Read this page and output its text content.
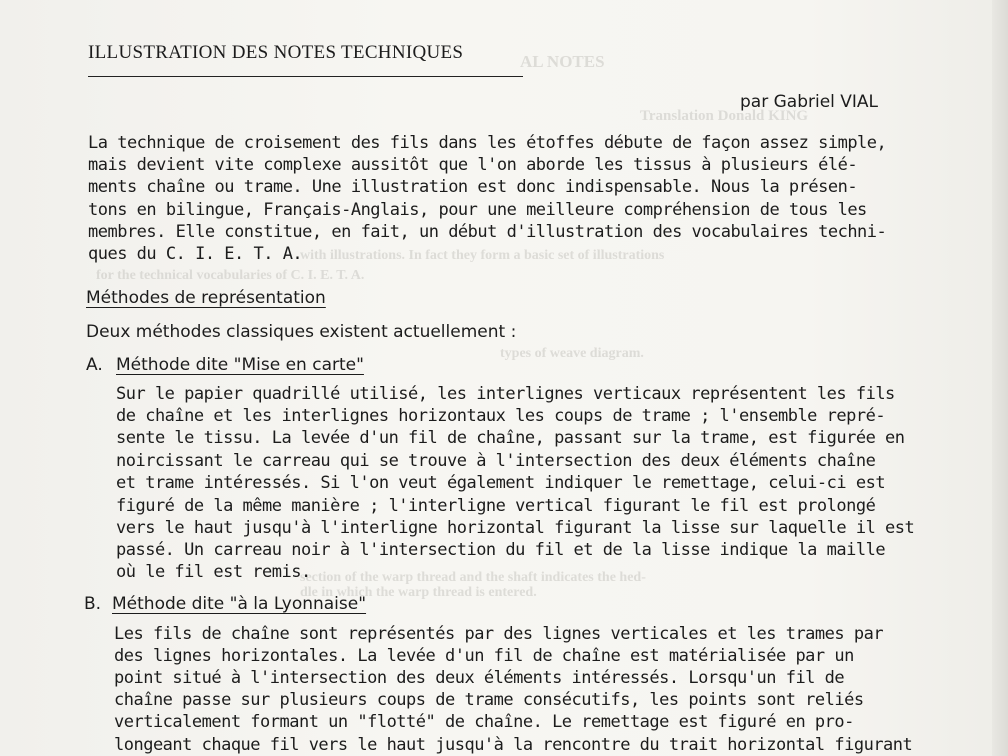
AL NOTES
Translation Donald KING
with illustrations. In fact they form a basic set of illustrations
for the technical vocabularies of C. I. E. T. A.
types of weave diagram.
section of the warp thread and the shaft indicates the hed-
dle in which the warp thread is entered.
ILLUSTRATION DES NOTES TECHNIQUES
par Gabriel VIAL
La technique de croisement des fils dans les étoffes débute de façon assez simple,
mais devient vite complexe aussitôt que l'on aborde les tissus à plusieurs élé-
ments chaîne ou trame. Une illustration est donc indispensable. Nous la présen-
tons en bilingue, Français-Anglais, pour une meilleure compréhension de tous les
membres. Elle constitue, en fait, un début d'illustration des vocabulaires techni-
ques du C. I. E. T. A.
Méthodes de représentation
Deux méthodes classiques existent actuellement :
A. Méthode dite "Mise en carte"
Sur le papier quadrillé utilisé, les interlignes verticaux représentent les fils
de chaîne et les interlignes horizontaux les coups de trame ; l'ensemble repré-
sente le tissu. La levée d'un fil de chaîne, passant sur la trame, est figurée en
noircissant le carreau qui se trouve à l'intersection des deux éléments chaîne
et trame intéressés. Si l'on veut également indiquer le remettage, celui-ci est
figuré de la même manière ; l'interligne vertical figurant le fil est prolongé
vers le haut jusqu'à l'interligne horizontal figurant la lisse sur laquelle il est
passé. Un carreau noir à l'intersection du fil et de la lisse indique la maille
où le fil est remis.
B. Méthode dite "à la Lyonnaise"
Les fils de chaîne sont représentés par des lignes verticales et les trames par
des lignes horizontales. La levée d'un fil de chaîne est matérialisée par un
point situé à l'intersection des deux éléments intéressés. Lorsqu'un fil de
chaîne passe sur plusieurs coups de trame consécutifs, les points sont reliés
verticalement formant un "flotté" de chaîne. Le remettage est figuré en pro-
longeant chaque fil vers le haut jusqu'à la rencontre du trait horizontal figurant
